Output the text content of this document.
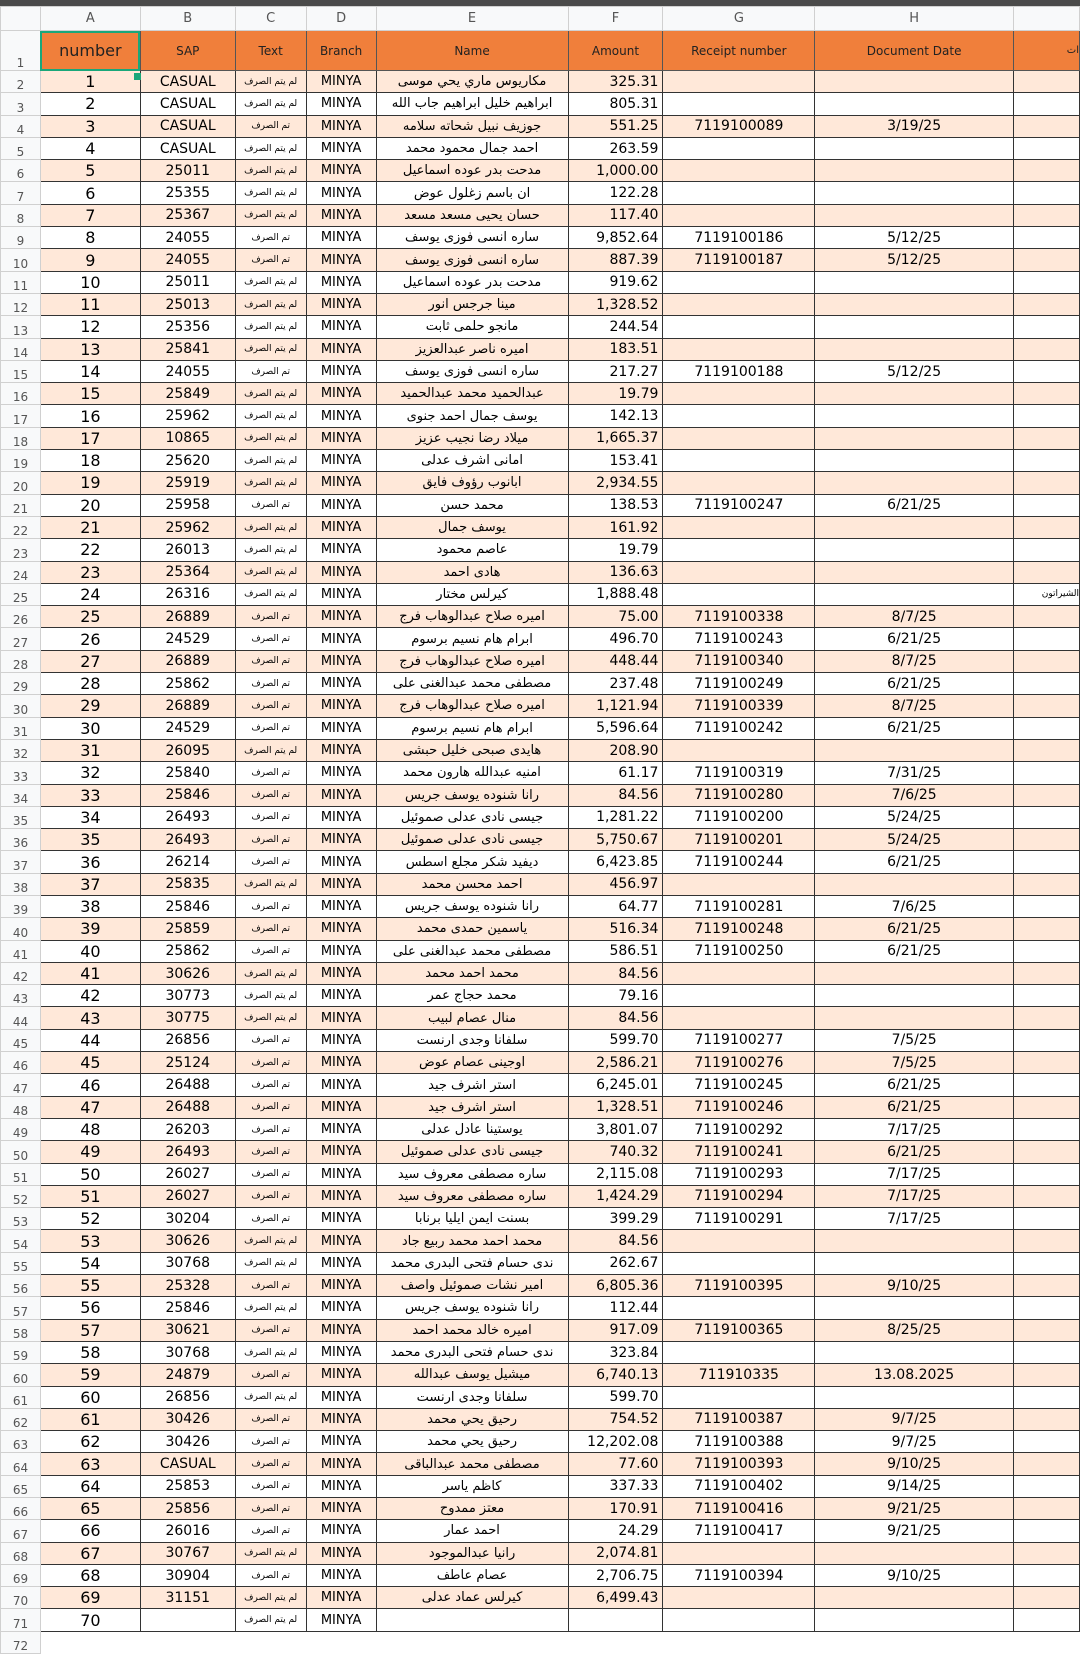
	A	B	C	D	E	F	G	H	
1	number	SAP	Text	Branch	Name	Amount	Receipt number	Document Date	ات
2	1	CASUAL	لم يتم الصرف	MINYA	مكاريوس ماري يحي موسى	325.31			
3	2	CASUAL	لم يتم الصرف	MINYA	ابراهيم خليل ابراهيم جاب الله	805.31			
4	3	CASUAL	تم الصرف	MINYA	جوزيف نبيل شحاته سلامه	551.25	7119100089	3/19/25	
5	4	CASUAL	لم يتم الصرف	MINYA	احمد جمال محمود محمد	263.59			
6	5	25011	لم يتم الصرف	MINYA	مدحت بدر عوده اسماعيل	1,000.00			
7	6	25355	لم يتم الصرف	MINYA	ان باسم زغلول عوض	122.28			
8	7	25367	لم يتم الصرف	MINYA	حسان يحيى مسعد مسعد	117.40			
9	8	24055	تم الصرف	MINYA	ساره انسى فوزى يوسف	9,852.64	7119100186	5/12/25	
10	9	24055	تم الصرف	MINYA	ساره انسى فوزى يوسف	887.39	7119100187	5/12/25	
11	10	25011	لم يتم الصرف	MINYA	مدحت بدر عوده اسماعيل	919.62			
12	11	25013	لم يتم الصرف	MINYA	مينا جرجس انور	1,328.52			
13	12	25356	لم يتم الصرف	MINYA	مانجو حلمى ثابت	244.54			
14	13	25841	لم يتم الصرف	MINYA	اميره ناصر عبدالعزيز	183.51			
15	14	24055	تم الصرف	MINYA	ساره انسى فوزى يوسف	217.27	7119100188	5/12/25	
16	15	25849	لم يتم الصرف	MINYA	عبدالحميد محمد عبدالحميد	19.79			
17	16	25962	لم يتم الصرف	MINYA	يوسف جمال احمد جنوى	142.13			
18	17	10865	لم يتم الصرف	MINYA	ميلاد رضا نجيب عزيز	1,665.37			
19	18	25620	لم يتم الصرف	MINYA	امانى اشرف عدلى	153.41			
20	19	25919	لم يتم الصرف	MINYA	ابانوب رؤوف فايق	2,934.55			
21	20	25958	تم الصرف	MINYA	محمد حسن	138.53	7119100247	6/21/25	
22	21	25962	لم يتم الصرف	MINYA	يوسف جمال	161.92			
23	22	26013	لم يتم الصرف	MINYA	عاصم محمود	19.79			
24	23	25364	لم يتم الصرف	MINYA	هادى احمد	136.63			
25	24	26316	لم يتم الصرف	MINYA	كيرلس مختار	1,888.48			الشيراتون
26	25	26889	تم الصرف	MINYA	اميره صلاح عبدالوهاب فرج	75.00	7119100338	8/7/25	
27	26	24529	تم الصرف	MINYA	ابرام هام نسيم برسوم	496.70	7119100243	6/21/25	
28	27	26889	تم الصرف	MINYA	اميره صلاح عبدالوهاب فرج	448.44	7119100340	8/7/25	
29	28	25862	تم الصرف	MINYA	مصطفى محمد عبدالغنى على	237.48	7119100249	6/21/25	
30	29	26889	تم الصرف	MINYA	اميره صلاح عبدالوهاب فرج	1,121.94	7119100339	8/7/25	
31	30	24529	تم الصرف	MINYA	ابرام هام نسيم برسوم	5,596.64	7119100242	6/21/25	
32	31	26095	لم يتم الصرف	MINYA	هايدى صبحى خليل حبشى	208.90			
33	32	25840	تم الصرف	MINYA	امنيه عبدالله هارون محمد	61.17	7119100319	7/31/25	
34	33	25846	تم الصرف	MINYA	رانا شنوده يوسف جريس	84.56	7119100280	7/6/25	
35	34	26493	تم الصرف	MINYA	جيسى نادى عدلى صموئيل	1,281.22	7119100200	5/24/25	
36	35	26493	تم الصرف	MINYA	جيسى نادى عدلى صموئيل	5,750.67	7119100201	5/24/25	
37	36	26214	تم الصرف	MINYA	ديفيد شكر مجلع اسطس	6,423.85	7119100244	6/21/25	
38	37	25835	لم يتم الصرف	MINYA	احمد محسن محمد	456.97			
39	38	25846	تم الصرف	MINYA	رانا شنوده يوسف جريس	64.77	7119100281	7/6/25	
40	39	25859	تم الصرف	MINYA	ياسمين حمدى محمد	516.34	7119100248	6/21/25	
41	40	25862	تم الصرف	MINYA	مصطفى محمد عبدالغنى على	586.51	7119100250	6/21/25	
42	41	30626	لم يتم الصرف	MINYA	محمد احمد محمد	84.56			
43	42	30773	لم يتم الصرف	MINYA	محمد حجاج عمر	79.16			
44	43	30775	لم يتم الصرف	MINYA	منال عصام لبيب	84.56			
45	44	26856	تم الصرف	MINYA	سلفانا وجدى ارنست	599.70	7119100277	7/5/25	
46	45	25124	تم الصرف	MINYA	اوجينى عصام عوض	2,586.21	7119100276	7/5/25	
47	46	26488	تم الصرف	MINYA	استر اشرف جيد	6,245.01	7119100245	6/21/25	
48	47	26488	تم الصرف	MINYA	استر اشرف جيد	1,328.51	7119100246	6/21/25	
49	48	26203	تم الصرف	MINYA	يوستينا عادل عدلى	3,801.07	7119100292	7/17/25	
50	49	26493	تم الصرف	MINYA	جيسى نادى عدلى صموئيل	740.32	7119100241	6/21/25	
51	50	26027	تم الصرف	MINYA	ساره مصطفى معروف سيد	2,115.08	7119100293	7/17/25	
52	51	26027	تم الصرف	MINYA	ساره مصطفى معروف سيد	1,424.29	7119100294	7/17/25	
53	52	30204	تم الصرف	MINYA	بسنت ايمن ايليا برنابا	399.29	7119100291	7/17/25	
54	53	30626	لم يتم الصرف	MINYA	محمد احمد محمد ربيع جاد	84.56			
55	54	30768	لم يتم الصرف	MINYA	ندى حسام فتحى البدرى محمد	262.67			
56	55	25328	تم الصرف	MINYA	امير نشات صموئيل واصف	6,805.36	7119100395	9/10/25	
57	56	25846	لم يتم الصرف	MINYA	رانا شنوده يوسف جريس	112.44			
58	57	30621	تم الصرف	MINYA	اميره خالد محمد احمد	917.09	7119100365	8/25/25	
59	58	30768	لم يتم الصرف	MINYA	ندى حسام فتحى البدرى محمد	323.84			
60	59	24879	تم الصرف	MINYA	ميشيل يوسف عبدالله	6,740.13	711910335	13.08.2025	
61	60	26856	لم يتم الصرف	MINYA	سلفانا وجدى ارنست	599.70			
62	61	30426	تم الصرف	MINYA	رحيق يحي محمد	754.52	7119100387	9/7/25	
63	62	30426	تم الصرف	MINYA	رحيق يحي محمد	12,202.08	7119100388	9/7/25	
64	63	CASUAL	تم الصرف	MINYA	مصطفى محمد عبدالباقى	77.60	7119100393	9/10/25	
65	64	25853	تم الصرف	MINYA	كاظم ياسر	337.33	7119100402	9/14/25	
66	65	25856	تم الصرف	MINYA	معتز ممدوح	170.91	7119100416	9/21/25	
67	66	26016	تم الصرف	MINYA	احمد عمار	24.29	7119100417	9/21/25	
68	67	30767	لم يتم الصرف	MINYA	رانيا عبدالموجود	2,074.81			
69	68	30904	تم الصرف	MINYA	عصام عاطف	2,706.75	7119100394	9/10/25	
70	69	31151	لم يتم الصرف	MINYA	كيرلس عماد عدلى	6,499.43			
71	70		لم يتم الصرف	MINYA					
72									
